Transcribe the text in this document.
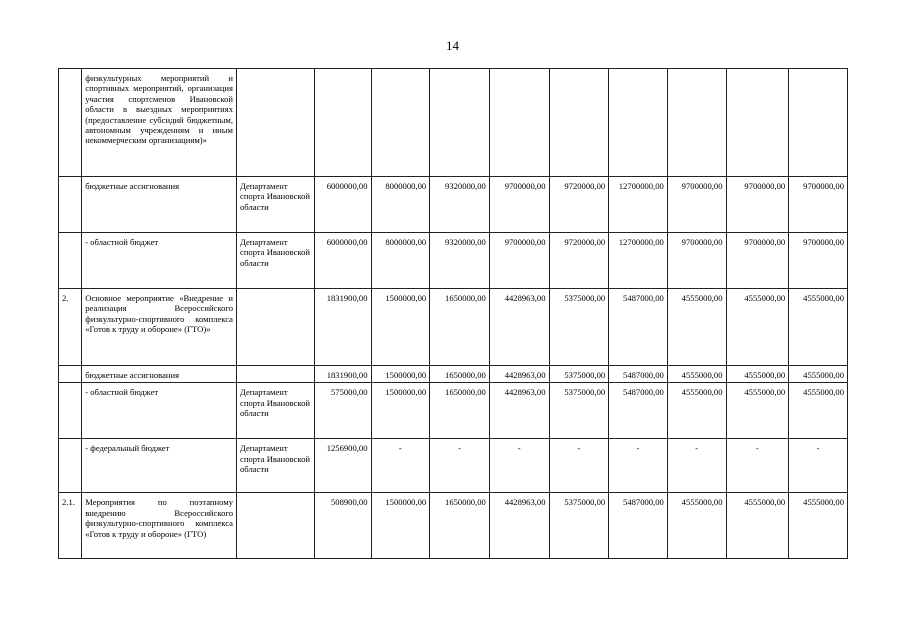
14
	физкультурных мероприятий и спортивных мероприятий, организация участия спортсменов Ивановской области в выездных мероприятиях (предоставление субсидий бюджетным, автономным учреждениям и иным некоммерческим организациям)»										
	бюджетные ассигнования	Департамент спорта Ивановской области	6000000,00	8000000,00	9320000,00	9700000,00	9720000,00	12700000,00	9700000,00	9700000,00	9700000,00
	- областной бюджет	Департамент спорта Ивановской области	6000000,00	8000000,00	9320000,00	9700000,00	9720000,00	12700000,00	9700000,00	9700000,00	9700000,00
2.	Основное мероприятие «Внедрение и реализация Всероссийского физкультурно-спортивного комплекса «Готов к труду и обороне» (ГТО)»		1831900,00	1500000,00	1650000,00	4428963,00	5375000,00	5487000,00	4555000,00	4555000,00	4555000,00
	бюджетные ассигнования		1831900,00	1500000,00	1650000,00	4428963,00	5375000,00	5487000,00	4555000,00	4555000,00	4555000,00
	- областной бюджет	Департамент спорта Ивановской области	575000,00	1500000,00	1650000,00	4428963,00	5375000,00	5487000,00	4555000,00	4555000,00	4555000,00
	- федеральный бюджет	Департамент спорта Ивановской области	1256900,00	-	-	-	-	-	-	-	-
2.1.	Мероприятия по поэтапному внедрению Всероссийского физкультурно-спортивного комплекса «Готов к труду и обороне» (ГТО)		508900,00	1500000,00	1650000,00	4428963,00	5375000,00	5487000,00	4555000,00	4555000,00	4555000,00
